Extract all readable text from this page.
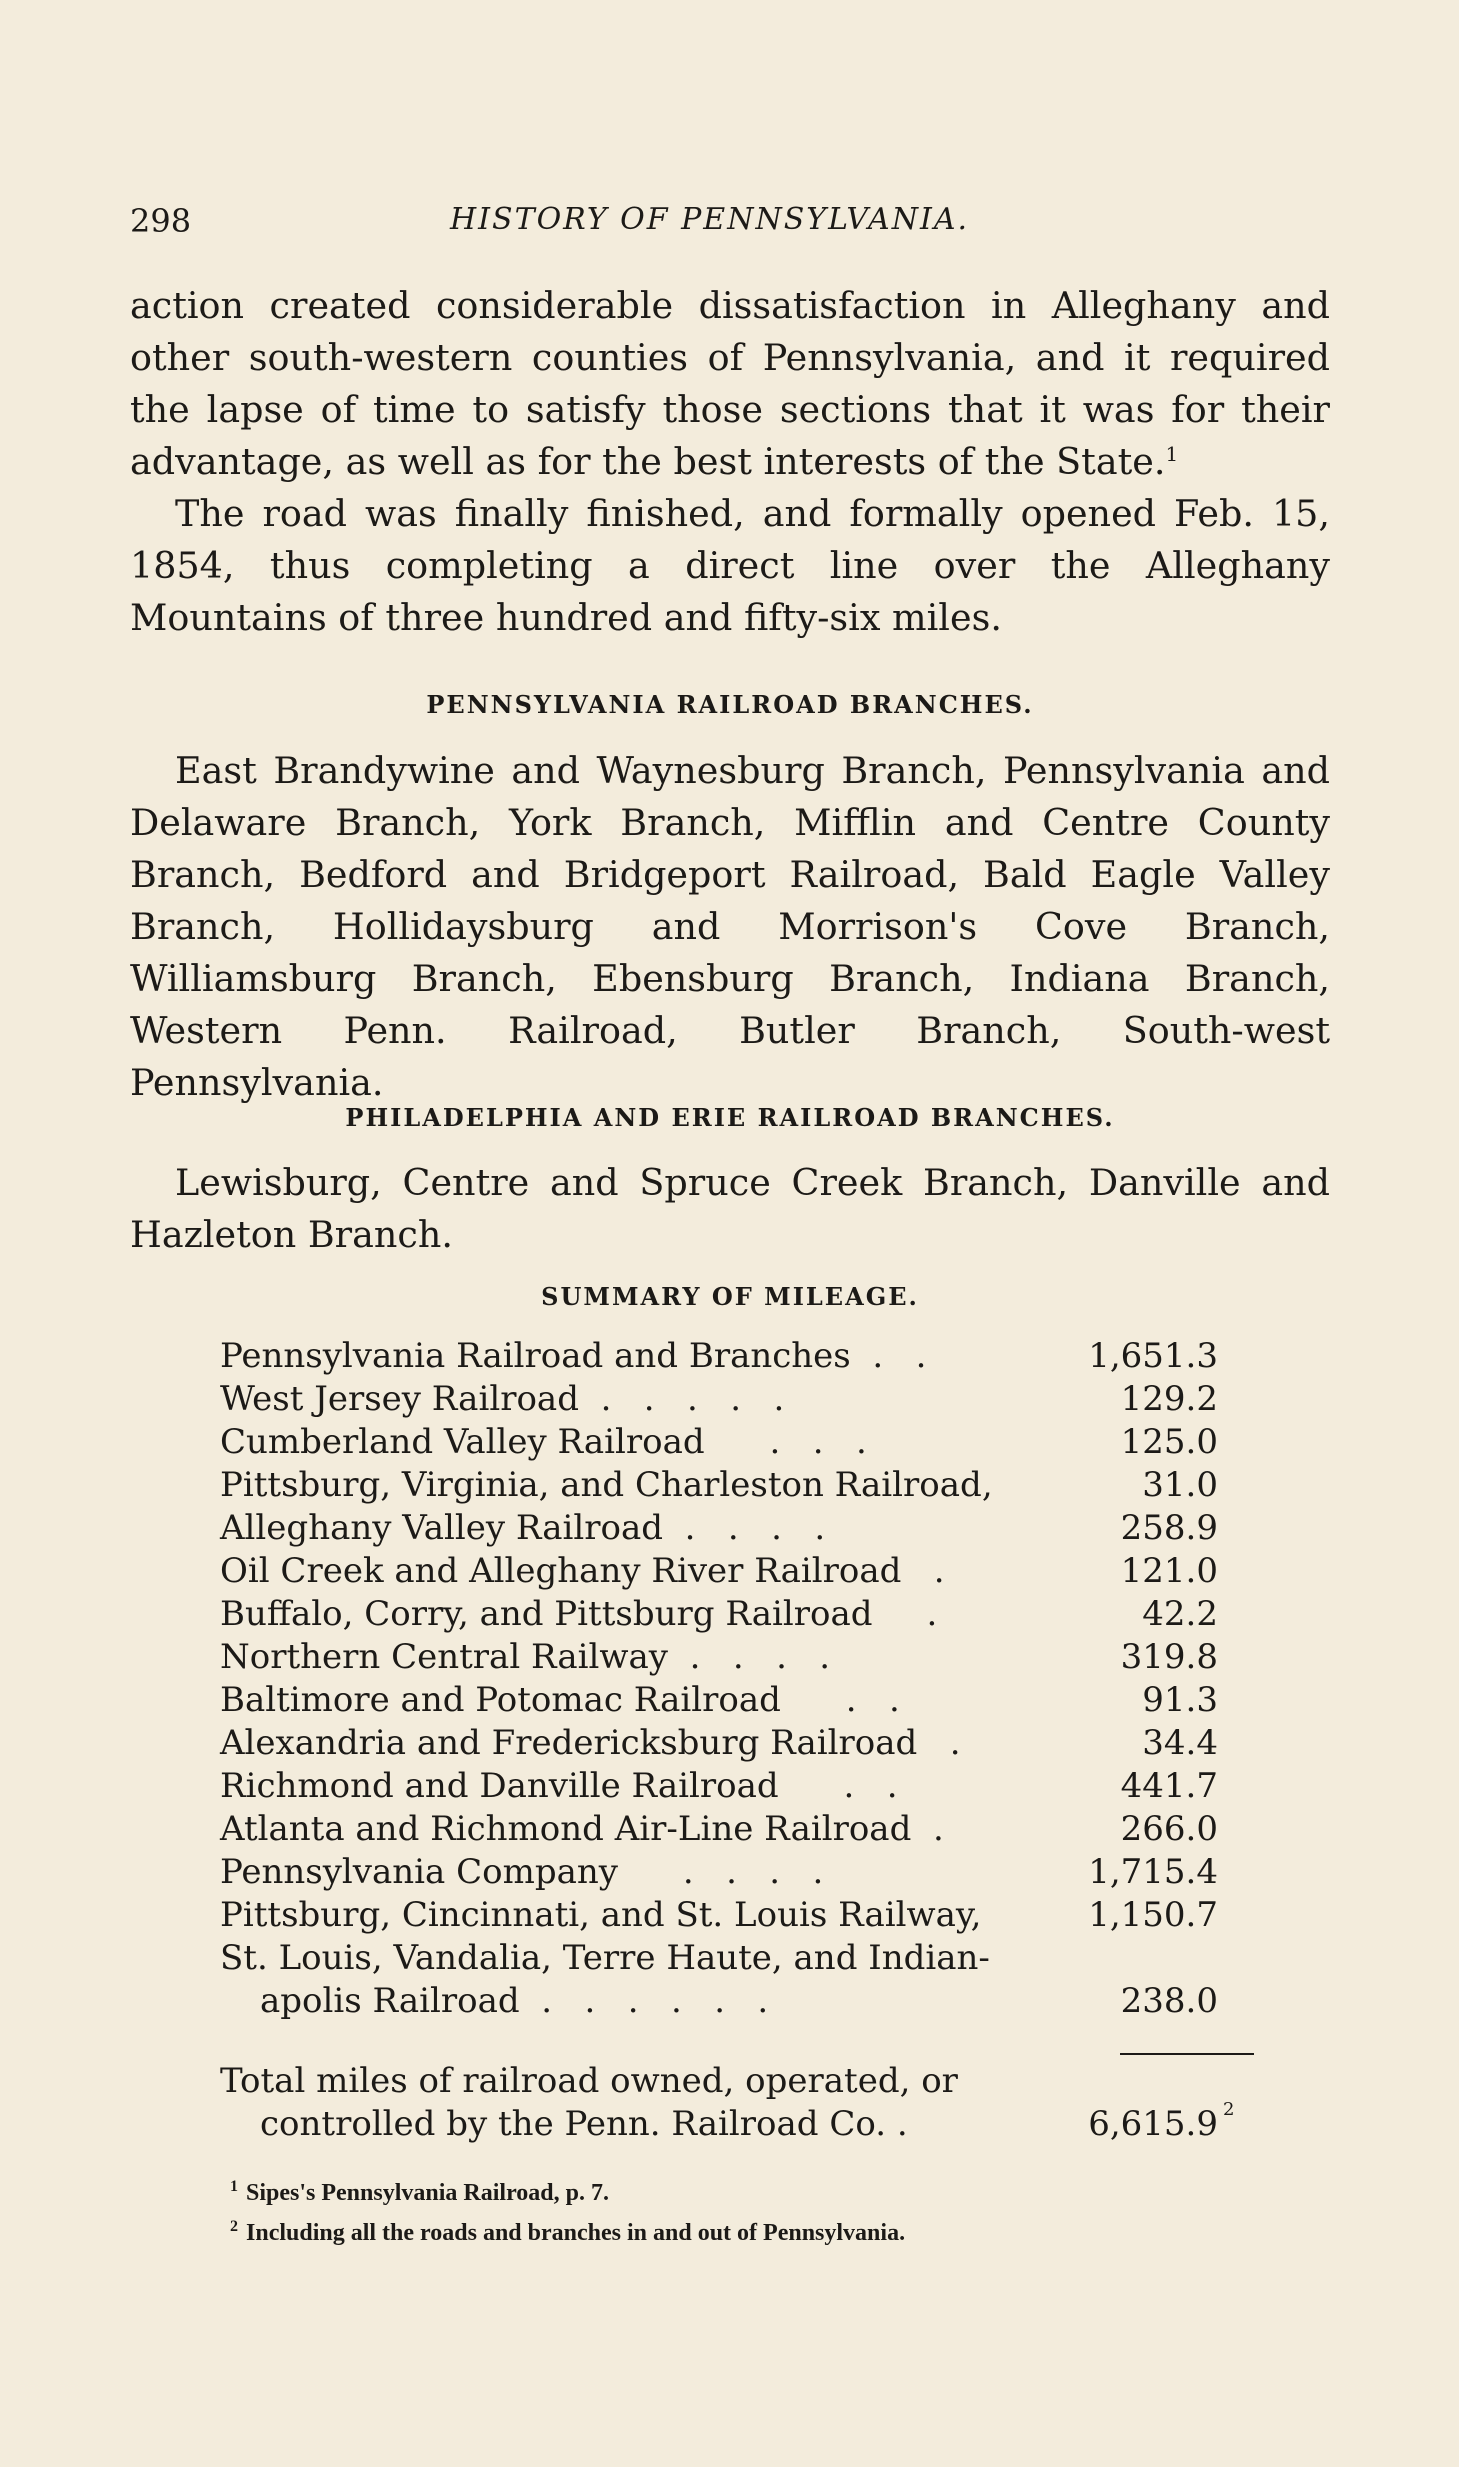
298	HISTORY OF PENNSYLVANIA.

action created considerable dissatisfaction in Alleghany and other south-western counties of Pennsylvania, and it required the lapse of time to satisfy those sections that it was for their advantage, as well as for the best interests of the State.$^1$

The road was finally finished, and formally opened Feb. 15, 1854, thus completing a direct line over the Alleghany Mountains of three hundred and fifty-six miles.

PENNSYLVANIA RAILROAD BRANCHES.

East Brandywine and Waynesburg Branch, Pennsylvania and Delaware Branch, York Branch, Mifflin and Centre County Branch, Bedford and Bridgeport Railroad, Bald Eagle Valley Branch, Hollidaysburg and Morrison's Cove Branch, Williamsburg Branch, Ebensburg Branch, Indiana Branch, Western Penn. Railroad, Butler Branch, South-west Pennsylvania.

PHILADELPHIA AND ERIE RAILROAD BRANCHES.

Lewisburg, Centre and Spruce Creek Branch, Danville and Hazleton Branch.

SUMMARY OF MILEAGE.
Pennsylvania Railroad and Branches  .   .	1,651.3
West Jersey Railroad  .   .   .   .   .	129.2
Cumberland Valley Railroad      .   .   .	125.0
Pittsburg, Virginia, and Charleston Railroad,	31.0
Alleghany Valley Railroad  .   .   .   .	258.9
Oil Creek and Alleghany River Railroad   .	121.0
Buffalo, Corry, and Pittsburg Railroad     .	42.2
Northern Central Railway  .   .   .   .	319.8
Baltimore and Potomac Railroad      .   .	91.3
Alexandria and Fredericksburg Railroad   .	34.4
Richmond and Danville Railroad      .   .	441.7
Atlanta and Richmond Air-Line Railroad  .	266.0
Pennsylvania Company      .   .   .   .	1,715.4
Pittsburg, Cincinnati, and St. Louis Railway,	1,150.7
St. Louis, Vandalia, Terre Haute, and Indian-
apolis Railroad  .   .   .   .   .   .	238.0
Total miles of railroad owned, operated, or
controlled by the Penn. Railroad Co. .	6,615.9 2
$^1$ Sipes's Pennsylvania Railroad, p. 7.
$^2$ Including all the roads and branches in and out of Pennsylvania.
